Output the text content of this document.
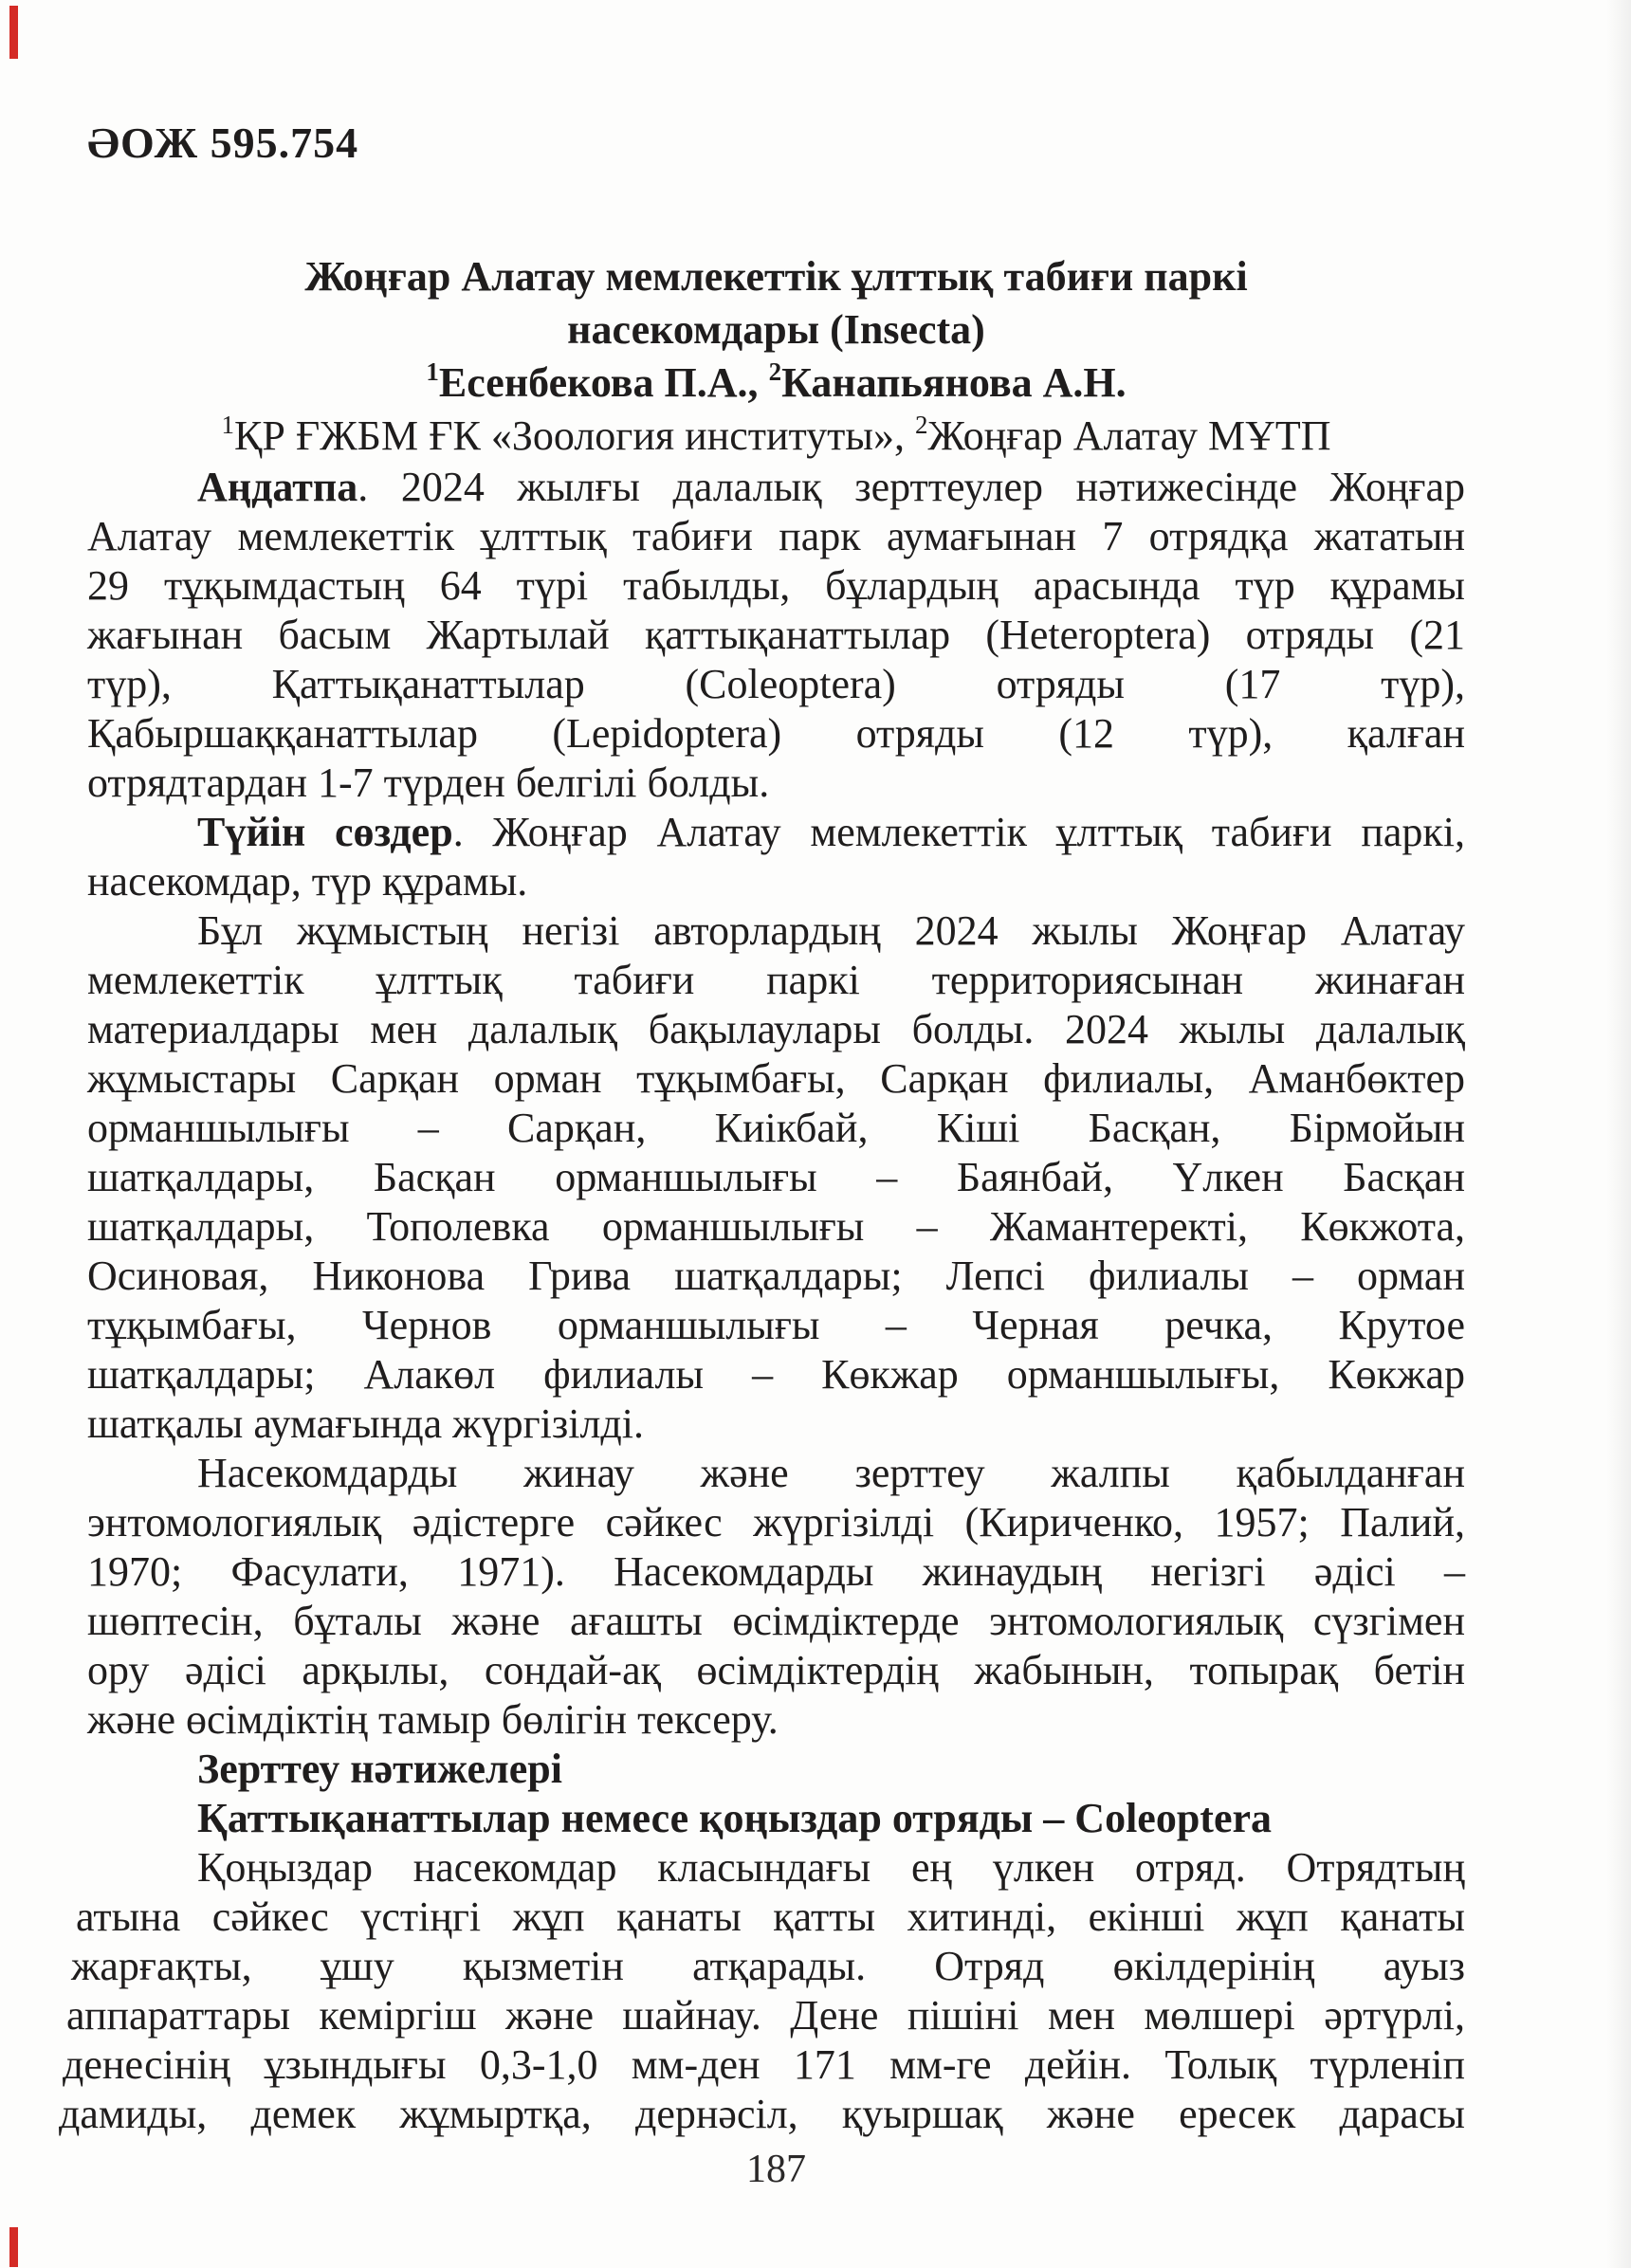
ӘОЖ 595.754
Жоңғар Алатау мемлекеттік ұлттық табиғи паркі
насекомдары (Insecta)
$^1$Есенбекова П.А., $^2$Канапьянова А.Н.
$^1$ҚР ҒЖБМ ҒК «Зоология институты», $^2$Жоңғар Алатау МҰТП
Аңдатпа. 2024 жылғы далалық зерттеулер нәтижесінде Жоңғар
Алатау мемлекеттік ұлттық табиғи парк аумағынан 7 отрядқа жататын
29 тұқымдастың 64 түрі табылды, бұлардың арасында түр құрамы
жағынан басым Жартылай қаттықанаттылар (Heteroptera) отряды (21
түр), Қаттықанаттылар (Coleoptera) отряды (17 түр),
Қабыршаққанаттылар (Lepidoptera) отряды (12 түр), қалған
отрядтардан 1-7 түрден белгілі болды.
Түйін сөздер. Жоңғар Алатау мемлекеттік ұлттық табиғи паркі,
насекомдар, түр құрамы.
Бұл жұмыстың негізі авторлардың 2024 жылы Жоңғар Алатау
мемлекеттік ұлттық табиғи паркі территориясынан жинаған
материалдары мен далалық бақылаулары болды. 2024 жылы далалық
жұмыстары Сарқан орман тұқымбағы, Сарқан филиалы, Аманбөктер
орманшылығы – Сарқан, Киікбай, Кіші Басқан, Бірмойын
шатқалдары, Басқан орманшылығы – Баянбай, Үлкен Басқан
шатқалдары, Тополевка орманшылығы – Жамантеректі, Көкжота,
Осиновая, Никонова Грива шатқалдары; Лепсі филиалы – орман
тұқымбағы, Чернов орманшылығы – Черная речка, Крутое
шатқалдары; Алакөл филиалы – Көкжар орманшылығы, Көкжар
шатқалы аумағында жүргізілді.
Насекомдарды жинау және зерттеу жалпы қабылданған
энтомологиялық әдістерге сәйкес жүргізілді (Кириченко, 1957; Палий,
1970; Фасулати, 1971). Насекомдарды жинаудың негізгі әдісі –
шөптесін, бұталы және ағашты өсімдіктерде энтомологиялық сүзгімен
ору әдісі арқылы, сондай-ақ өсімдіктердің жабынын, топырақ бетін
және өсімдіктің тамыр бөлігін тексеру.
Зерттеу нәтижелері
Қаттықанаттылар немесе қоңыздар отряды – Coleoptera
Қоңыздар насекомдар класындағы ең үлкен отряд. Отрядтың
атына сәйкес үстіңгі жұп қанаты қатты хитинді, екінші жұп қанаты
жарғақты, ұшу қызметін атқарады. Отряд өкілдерінің ауыз
аппараттары кеміргіш және шайнау. Дене пішіні мен мөлшері әртүрлі,
денесінің ұзындығы 0,3-1,0 мм-ден 171 мм-ге дейін. Толық түрленіп
дамиды, демек жұмыртқа, дернәсіл, қуыршақ және ересек дарасы
187
